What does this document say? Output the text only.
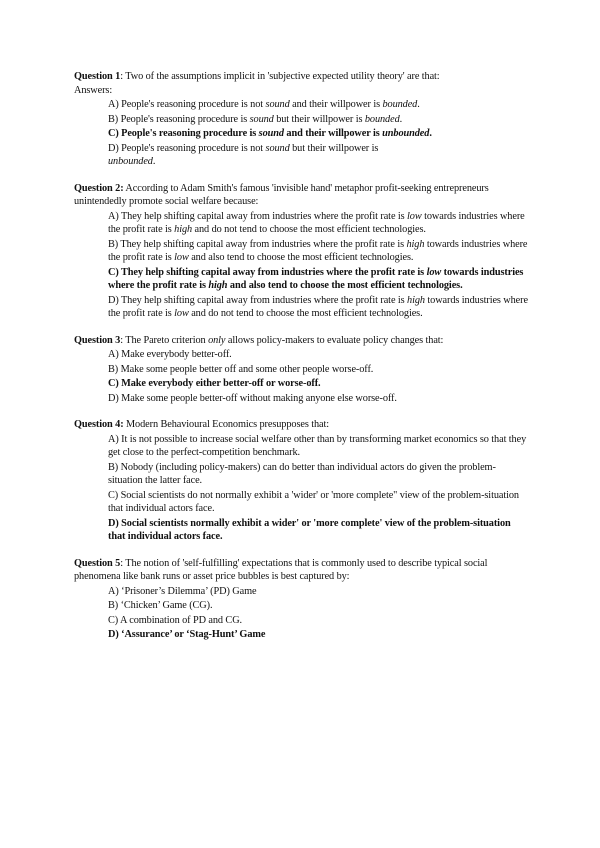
Question 1: Two of the assumptions implicit in 'subjective expected utility theory' are that:

Answers:
A) People's reasoning procedure is not sound and their willpower is bounded.
B) People's reasoning procedure is sound but their willpower is bounded.
C) People's reasoning procedure is sound and their willpower is unbounded.
D) People's reasoning procedure is not sound but their willpower is unbounded.

Question 2: According to Adam Smith's famous 'invisible hand' metaphor profit-seeking entrepreneurs unintendedly promote social welfare because:

A) They help shifting capital away from industries where the profit rate is low towards industries where the profit rate is high and do not tend to choose the most efficient technologies.
B) They help shifting capital away from industries where the profit rate is high towards industries where the profit rate is low and also tend to choose the most efficient technologies.
C) They help shifting capital away from industries where the profit rate is low towards industries where the profit rate is high and also tend to choose the most efficient technologies.
D) They help shifting capital away from industries where the profit rate is high towards industries where the profit rate is low and do not tend to choose the most efficient technologies.

Question 3: The Pareto criterion only allows policy-makers to evaluate policy changes that:

A) Make everybody better-off.
B) Make some people better off and some other people worse-off.
C) Make everybody either better-off or worse-off.
D) Make some people better-off without making anyone else worse-off.

Question 4: Modern Behavioural Economics presupposes that:

A) It is not possible to increase social welfare other than by transforming market economics so that they get close to the perfect-competition benchmark.
B) Nobody (including policy-makers) can do better than individual actors do given the problem-situation the latter face.
C) Social scientists do not normally exhibit a 'wider' or 'more complete" view of the problem-situation that individual actors face.
D) Social scientists normally exhibit a wider' or 'more complete' view of the problem-situation that individual actors face.

Question 5: The notion of 'self-fulfilling' expectations that is commonly used to describe typical social phenomena like bank runs or asset price bubbles is best captured by:

A) ‘Prisoner’s Dilemma’ (PD) Game
B) ‘Chicken’ Game (CG).
C) A combination of PD and CG.
D) ‘Assurance’ or ‘Stag-Hunt’ Game
